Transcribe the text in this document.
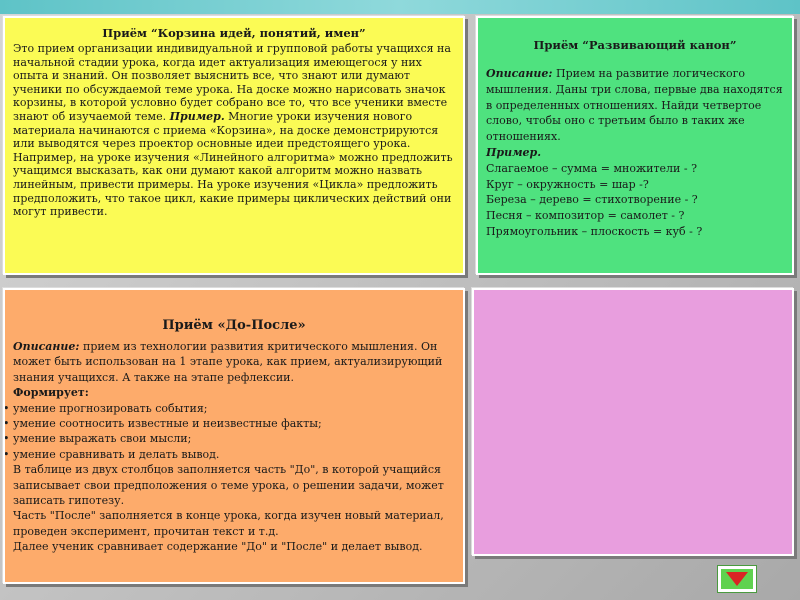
Приём “Корзина идей, понятий, имен”

Это прием организации индивидуальной и групповой работы учащихся на начальной стадии урока, когда идет актуализация имеющегося у них опыта и знаний. Он позволяет выяснить все, что знают или думают ученики по обсуждаемой теме урока. На доске можно нарисовать значок корзины, в которой условно будет собрано все то, что все ученики вместе знают об изучаемой теме. Пример. Многие уроки изучения нового материала начинаются с приема «Корзина», на доске демонстрируются или выводятся через проектор основные идеи предстоящего урока. Например, на уроке изучения «Линейного алгоритма» можно предложить учащимся высказать, как они думают какой алгоритм можно назвать линейным, привести примеры. На уроке изучения «Цикла» предложить предположить, что такое цикл, какие примеры циклических действий они могут привести.

Приём “Развивающий канон”

Описание: Прием на развитие логического мышления. Даны три слова, первые два находятся в определенных отношениях. Найди четвертое слово, чтобы оно с третьим было в таких же отношениях.

Пример.

Слагаемое – сумма = множители - ?

Круг – окружность = шар -?

Береза – дерево = стихотворение - ?

Песня – композитор = самолет - ?

Прямоугольник – плоскость = куб - ?

Приём «До-После»

Описание: прием из технологии развития критического мышления. Он может быть использован на 1 этапе урока, как прием, актуализирующий знания учащихся. А также на этапе рефлексии.

Формирует:

• умение прогнозировать события;
• умение соотносить известные и неизвестные факты;
• умение выражать свои мысли;
• умение сравнивать и делать вывод.

В таблице из двух столбцов заполняется часть "До", в которой учащийся записывает свои предположения о теме урока, о решении задачи, может записать гипотезу.

Часть "После" заполняется в конце урока, когда изучен новый материал, проведен эксперимент, прочитан текст и т.д.

Далее ученик сравнивает содержание "До" и "После" и делает вывод.
